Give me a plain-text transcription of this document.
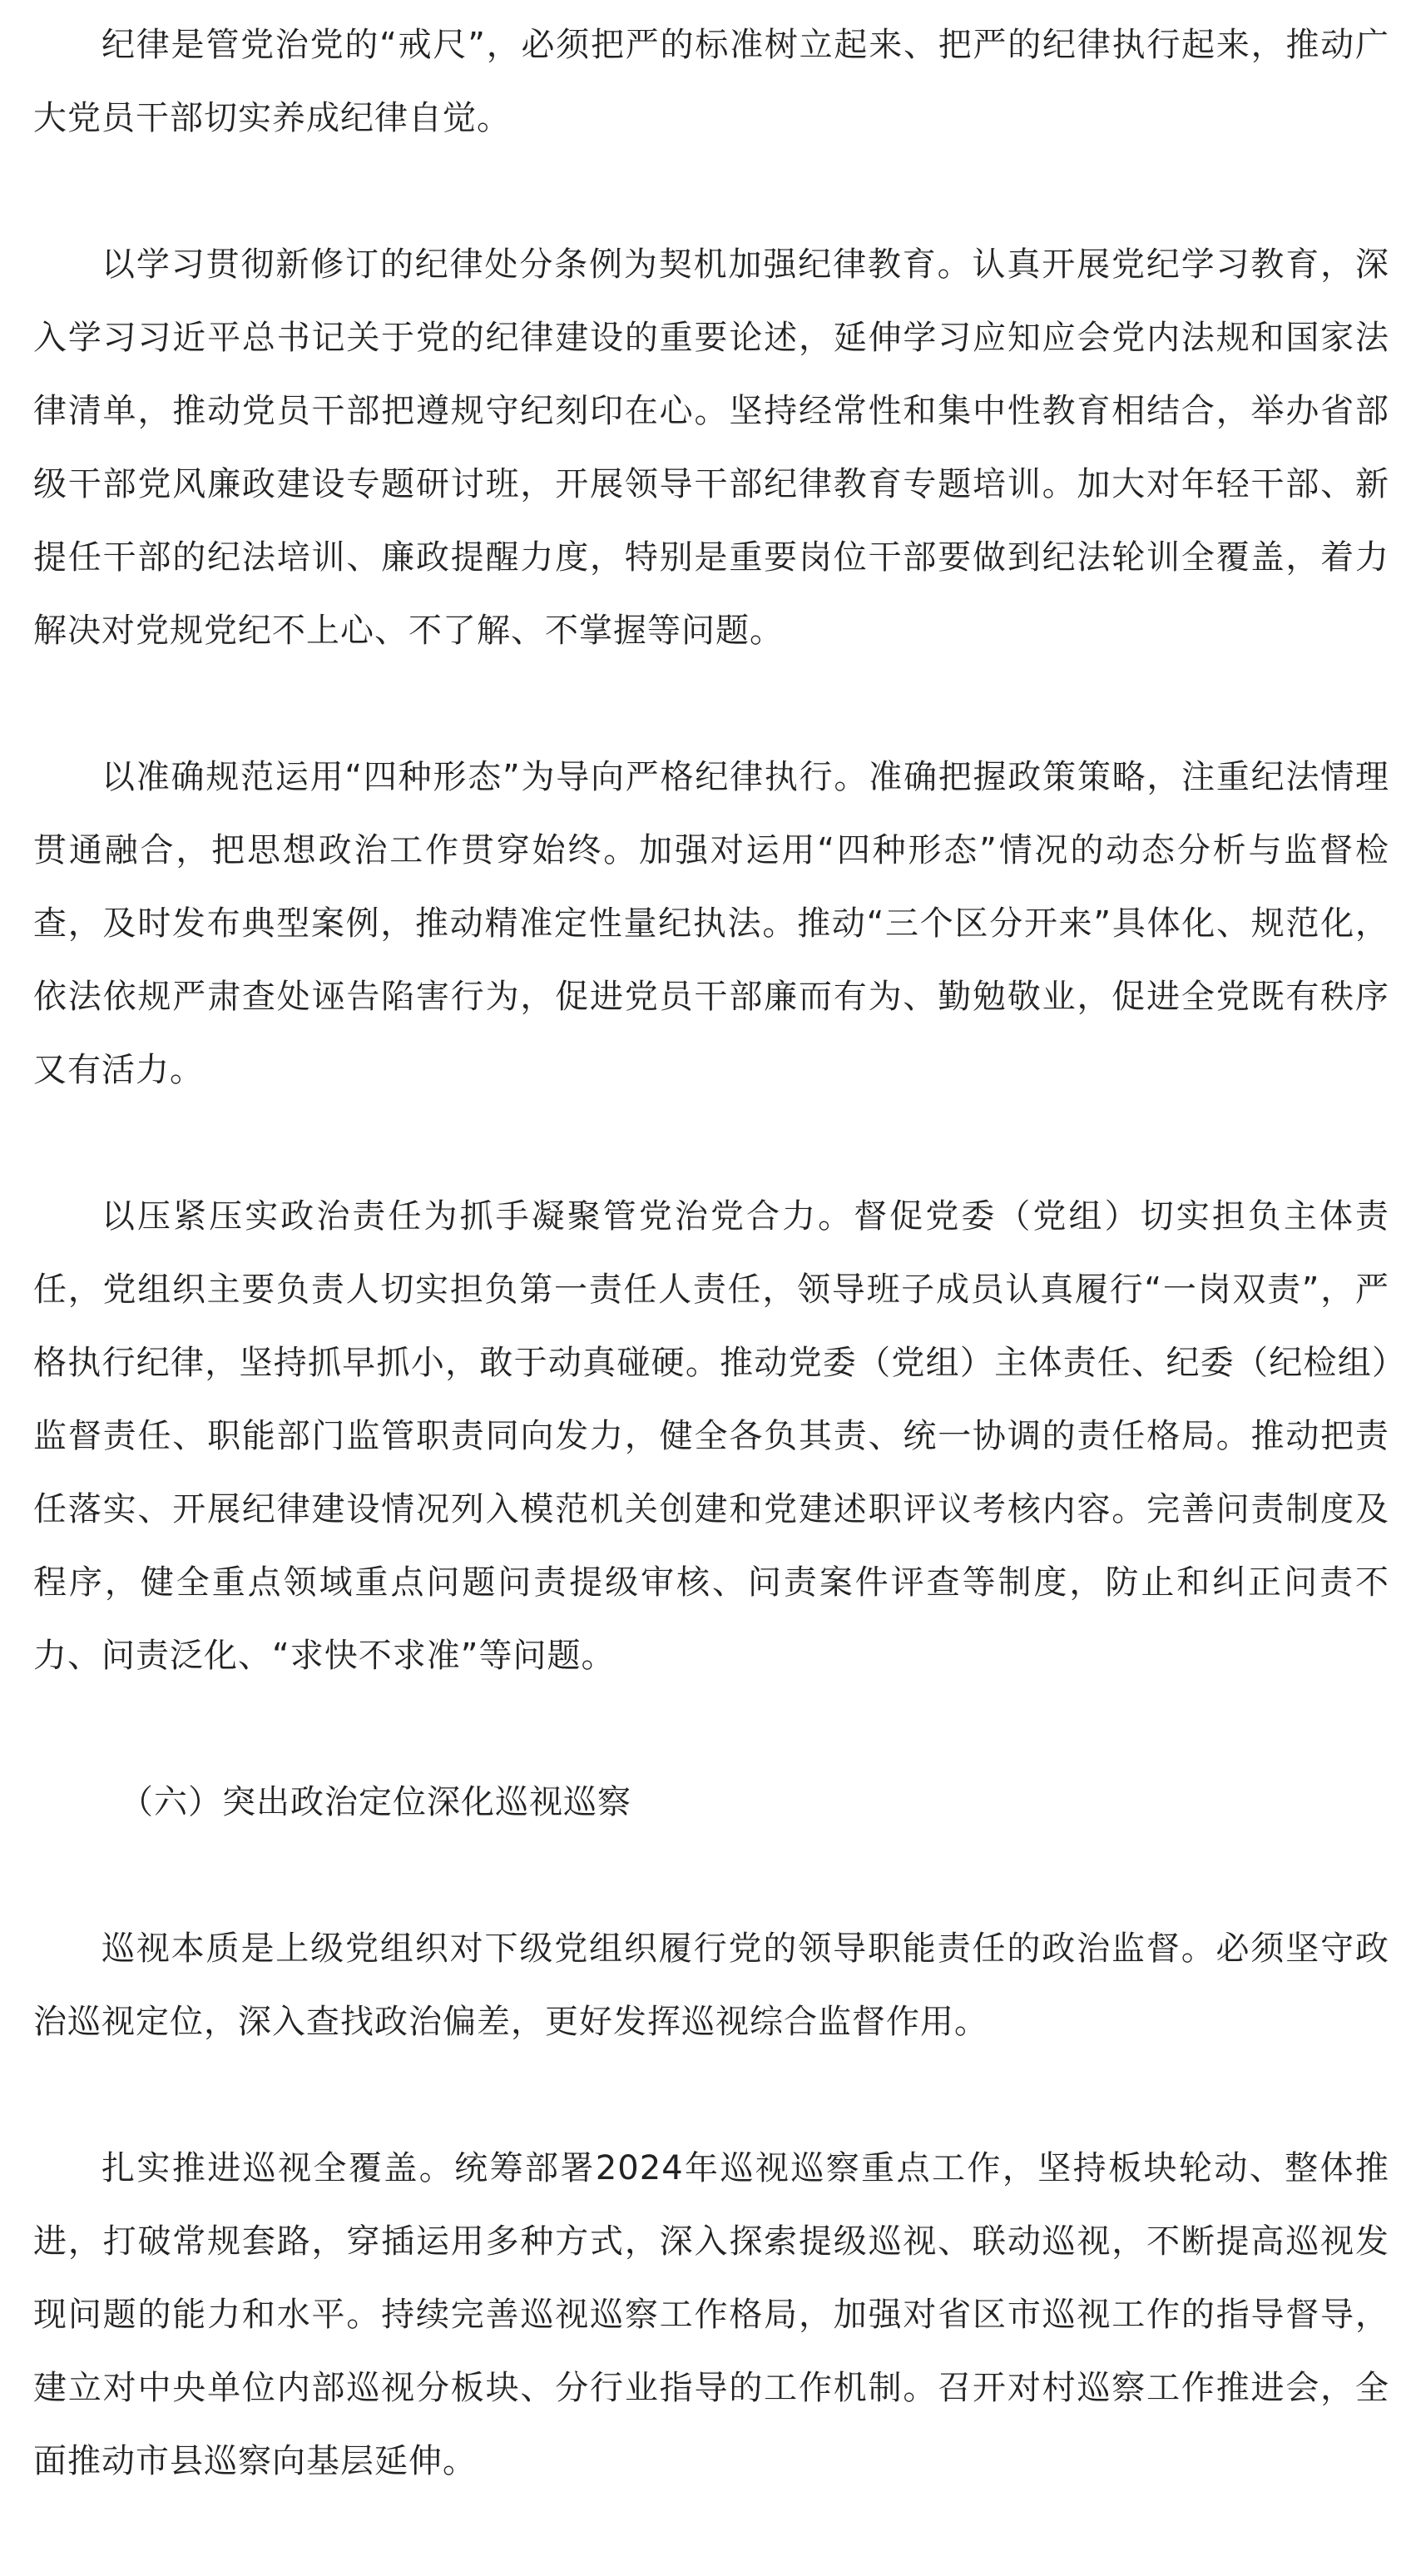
纪律是管党治党的“戒尺”，必须把严的标准树立起来、把严的纪律执行起来，推动广大党员干部切实养成纪律自觉。

以学习贯彻新修订的纪律处分条例为契机加强纪律教育。认真开展党纪学习教育，深入学习习近平总书记关于党的纪律建设的重要论述，延伸学习应知应会党内法规和国家法律清单，推动党员干部把遵规守纪刻印在心。坚持经常性和集中性教育相结合，举办省部级干部党风廉政建设专题研讨班，开展领导干部纪律教育专题培训。加大对年轻干部、新提任干部的纪法培训、廉政提醒力度，特别是重要岗位干部要做到纪法轮训全覆盖，着力解决对党规党纪不上心、不了解、不掌握等问题。

以准确规范运用“四种形态”为导向严格纪律执行。准确把握政策策略，注重纪法情理贯通融合，把思想政治工作贯穿始终。加强对运用“四种形态”情况的动态分析与监督检查，及时发布典型案例，推动精准定性量纪执法。推动“三个区分开来”具体化、规范化，依法依规严肃查处诬告陷害行为，促进党员干部廉而有为、勤勉敬业，促进全党既有秩序又有活力。

以压紧压实政治责任为抓手凝聚管党治党合力。督促党委（党组）切实担负主体责任，党组织主要负责人切实担负第一责任人责任，领导班子成员认真履行“一岗双责”，严格执行纪律，坚持抓早抓小，敢于动真碰硬。推动党委（党组）主体责任、纪委（纪检组）监督责任、职能部门监管职责同向发力，健全各负其责、统一协调的责任格局。推动把责任落实、开展纪律建设情况列入模范机关创建和党建述职评议考核内容。完善问责制度及程序，健全重点领域重点问题问责提级审核、问责案件评查等制度，防止和纠正问责不力、问责泛化、“求快不求准”等问题。

（六）突出政治定位深化巡视巡察

巡视本质是上级党组织对下级党组织履行党的领导职能责任的政治监督。必须坚守政治巡视定位，深入查找政治偏差，更好发挥巡视综合监督作用。

扎实推进巡视全覆盖。统筹部署2024年巡视巡察重点工作，坚持板块轮动、整体推进，打破常规套路，穿插运用多种方式，深入探索提级巡视、联动巡视，不断提高巡视发现问题的能力和水平。持续完善巡视巡察工作格局，加强对省区市巡视工作的指导督导，建立对中央单位内部巡视分板块、分行业指导的工作机制。召开对村巡察工作推进会，全面推动市县巡察向基层延伸。
